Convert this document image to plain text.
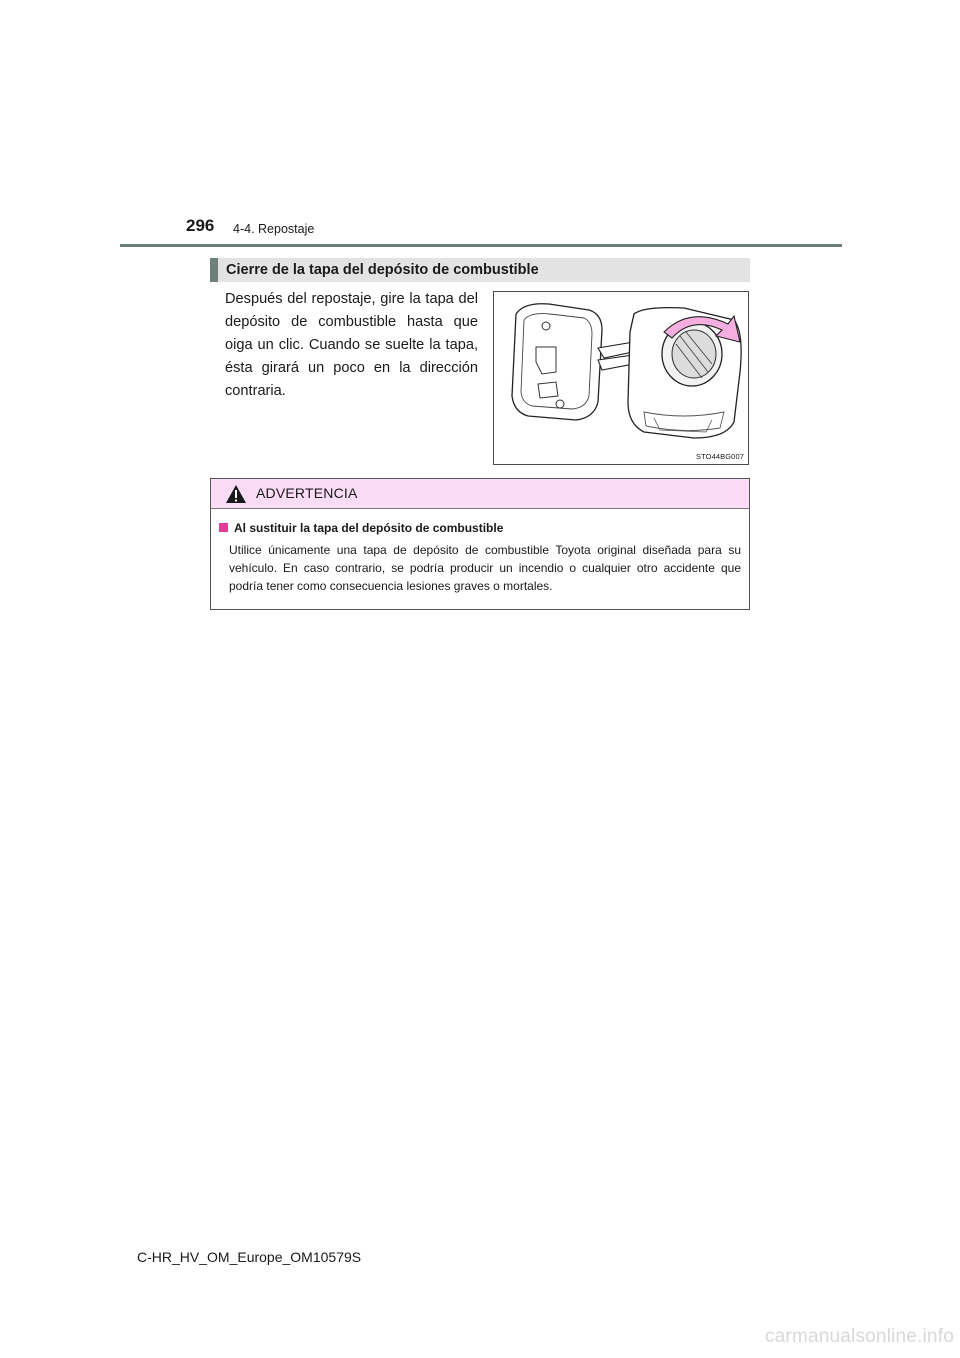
296 4-4. Repostaje
Cierre de la tapa del depósito de combustible
Después del repostaje, gire la tapa del depósito de combustible hasta que oiga un clic. Cuando se suelte la tapa, ésta girará un poco en la dirección contraria.
STO44BG007
ADVERTENCIA
Al sustituir la tapa del depósito de combustible
Utilice únicamente una tapa de depósito de combustible Toyota original diseñada para su vehículo. En caso contrario, se podría producir un incendio o cualquier otro accidente que podría tener como consecuencia lesiones graves o mortales.
C-HR_HV_OM_Europe_OM10579S
carmanualsonline.info
